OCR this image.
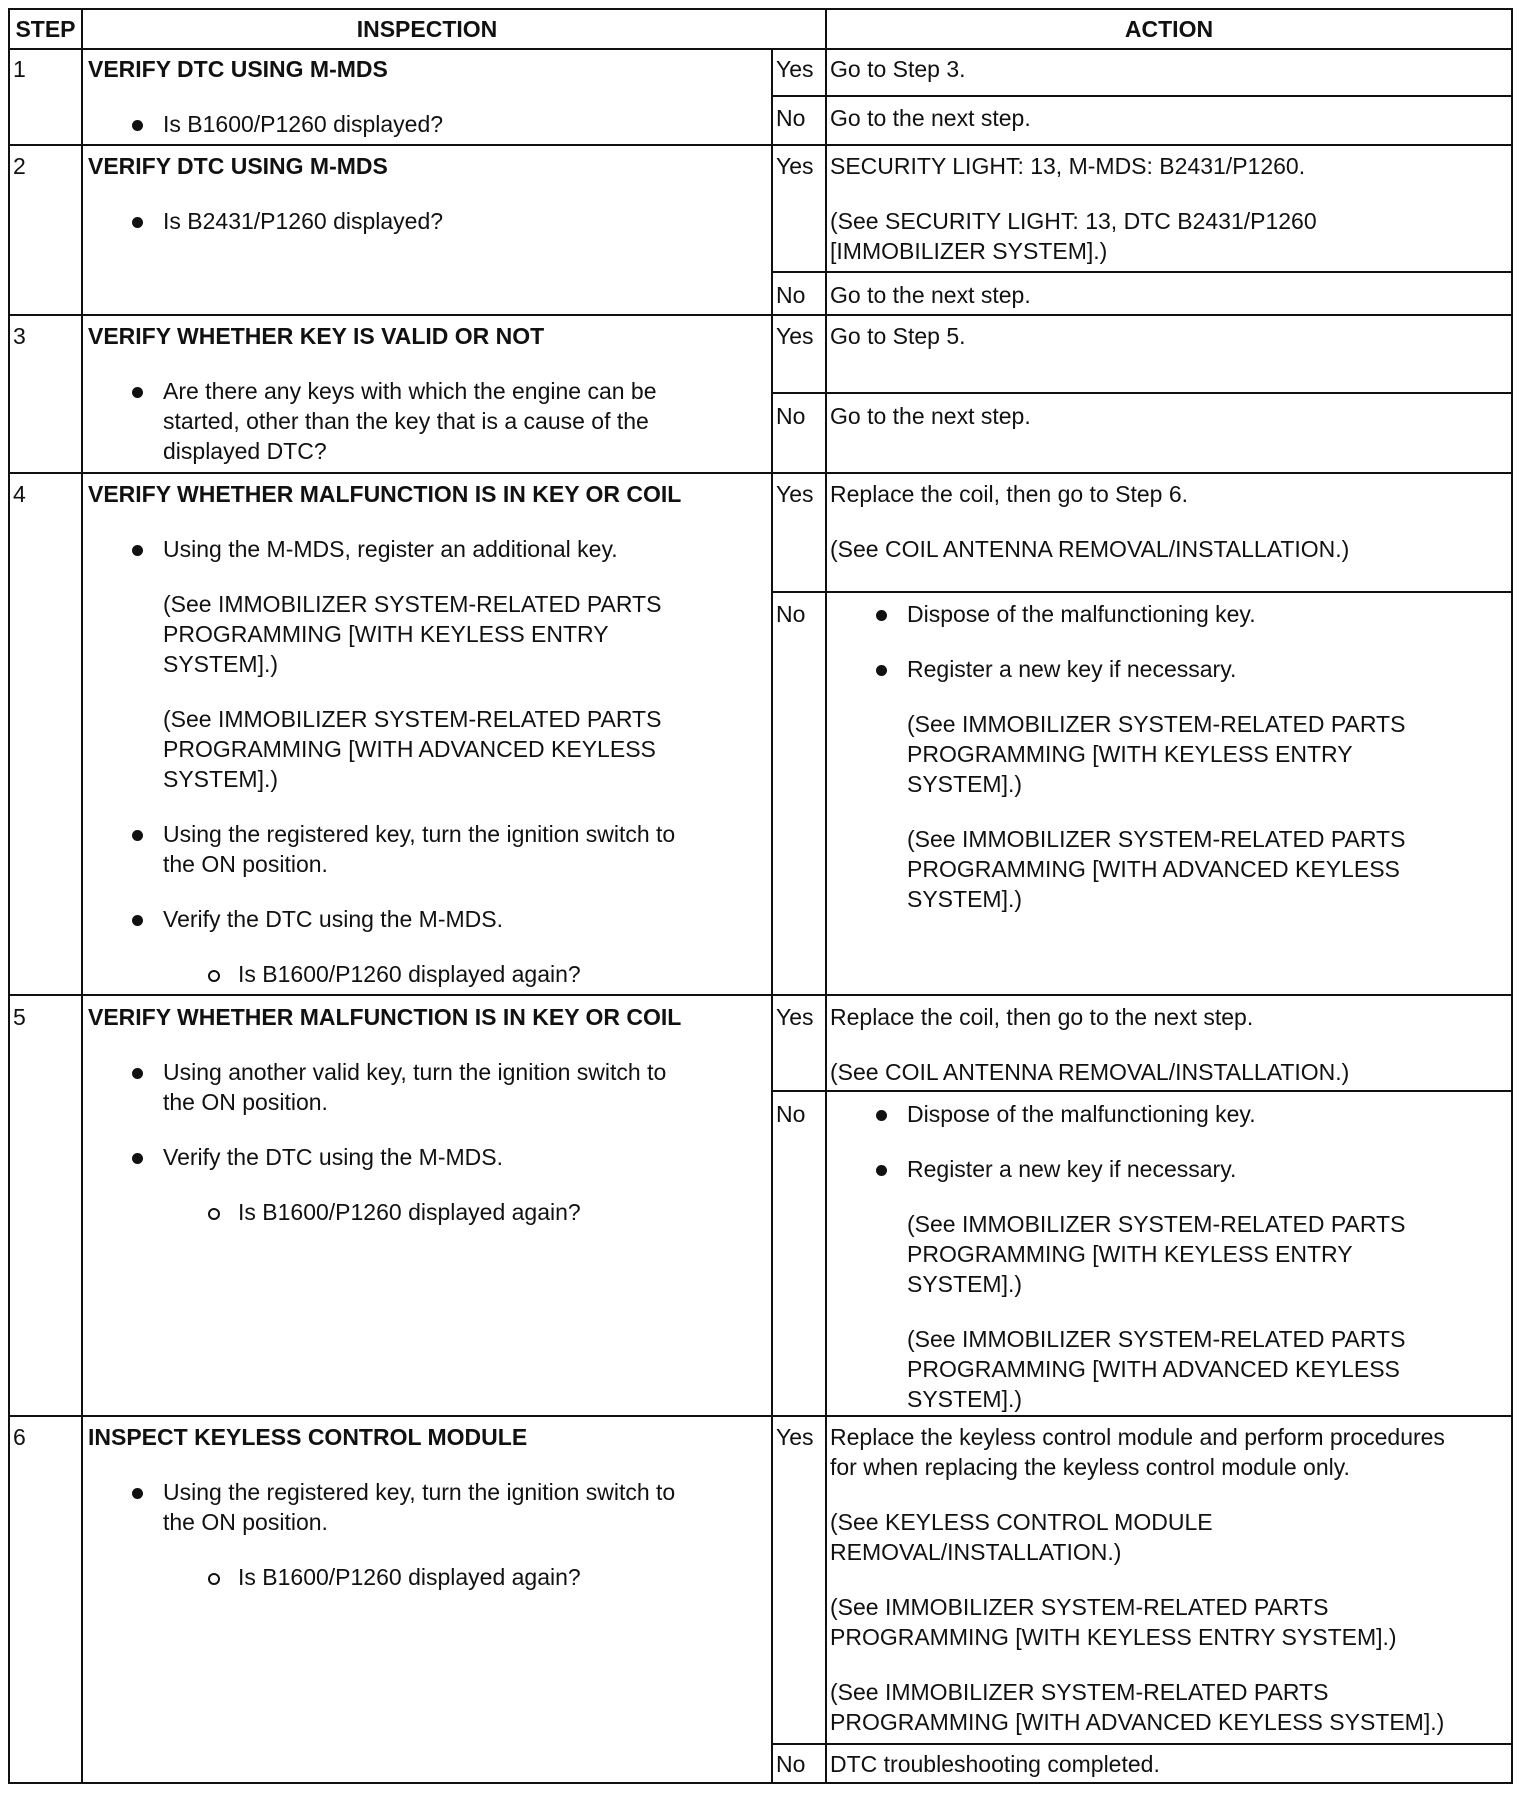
STEP	INSPECTION	ACTION
1	VERIFY DTC USING M-MDS
Is B1600/P1260 displayed?
Yes Go to Step 3.
No Go to the next step.
2	VERIFY DTC USING M-MDS
Is B2431/P1260 displayed?
Yes SECURITY LIGHT: 13, M-MDS: B2431/P1260.
(See SECURITY LIGHT: 13, DTC B2431/P1260
[IMMOBILIZER SYSTEM].)
No Go to the next step.
3	VERIFY WHETHER KEY IS VALID OR NOT
Are there any keys with which the engine can be
started, other than the key that is a cause of the
displayed DTC?
Yes Go to Step 5.
No Go to the next step.
4	VERIFY WHETHER MALFUNCTION IS IN KEY OR COIL
Using the M-MDS, register an additional key.
(See IMMOBILIZER SYSTEM-RELATED PARTS
PROGRAMMING [WITH KEYLESS ENTRY
SYSTEM].)
(See IMMOBILIZER SYSTEM-RELATED PARTS
PROGRAMMING [WITH ADVANCED KEYLESS
SYSTEM].)
Using the registered key, turn the ignition switch to
the ON position.
Verify the DTC using the M-MDS.
Is B1600/P1260 displayed again?
Yes Replace the coil, then go to Step 6.
(See COIL ANTENNA REMOVAL/INSTALLATION.)
No	Dispose of the malfunctioning key.
Register a new key if necessary.
(See IMMOBILIZER SYSTEM-RELATED PARTS
PROGRAMMING [WITH KEYLESS ENTRY
SYSTEM].)
(See IMMOBILIZER SYSTEM-RELATED PARTS
PROGRAMMING [WITH ADVANCED KEYLESS
SYSTEM].)
5	VERIFY WHETHER MALFUNCTION IS IN KEY OR COIL
Using another valid key, turn the ignition switch to
the ON position.
Verify the DTC using the M-MDS.
Is B1600/P1260 displayed again?
Yes Replace the coil, then go to the next step.
(See COIL ANTENNA REMOVAL/INSTALLATION.)
No	Dispose of the malfunctioning key.
Register a new key if necessary.
(See IMMOBILIZER SYSTEM-RELATED PARTS
PROGRAMMING [WITH KEYLESS ENTRY
SYSTEM].)
(See IMMOBILIZER SYSTEM-RELATED PARTS
PROGRAMMING [WITH ADVANCED KEYLESS
SYSTEM].)
6	INSPECT KEYLESS CONTROL MODULE
Using the registered key, turn the ignition switch to
the ON position.
Is B1600/P1260 displayed again?
Yes Replace the keyless control module and perform procedures
for when replacing the keyless control module only.
(See KEYLESS CONTROL MODULE
REMOVAL/INSTALLATION.)
(See IMMOBILIZER SYSTEM-RELATED PARTS
PROGRAMMING [WITH KEYLESS ENTRY SYSTEM].)
(See IMMOBILIZER SYSTEM-RELATED PARTS
PROGRAMMING [WITH ADVANCED KEYLESS SYSTEM].)
No DTC troubleshooting completed.
